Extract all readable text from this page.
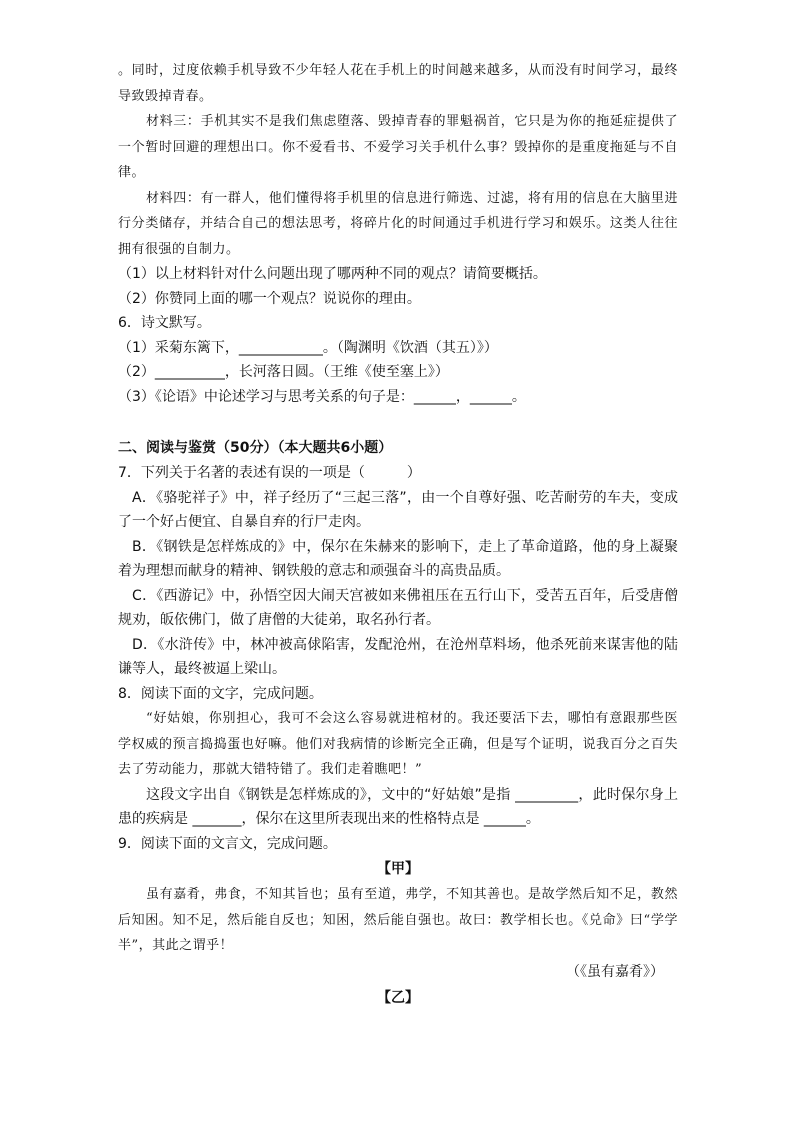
。同时，过度依赖手机导致不少年轻人花在手机上的时间越来越多，从而没有时间学习，最终导致毁掉青春。

材料三：手机其实不是我们焦虑堕落、毁掉青春的罪魁祸首，它只是为你的拖延症提供了一个暂时回避的理想出口。你不爱看书、不爱学习关手机什么事？毁掉你的是重度拖延与不自律。

材料四：有一群人，他们懂得将手机里的信息进行筛选、过滤，将有用的信息在大脑里进行分类储存，并结合自己的想法思考，将碎片化的时间通过手机进行学习和娱乐。这类人往往拥有很强的自制力。

（1）以上材料针对什么问题出现了哪两种不同的观点？请简要概括。

（2）你赞同上面的哪一个观点？说说你的理由。

6．诗文默写。

（1）采菊东篱下，____________。（陶渊明《饮酒（其五）》）

（2）__________，长河落日圆。（王维《使至塞上》）

（3）《论语》中论述学习与思考关系的句子是：______，______。

二、阅读与鉴赏（50分）（本大题共6小题）

7．下列关于名著的表述有误的一项是（　　　）

A．《骆驼祥子》中，祥子经历了“三起三落”，由一个自尊好强、吃苦耐劳的车夫，变成了一个好占便宜、自暴自弃的行尸走肉。

B．《钢铁是怎样炼成的》中，保尔在朱赫来的影响下，走上了革命道路，他的身上凝聚着为理想而献身的精神、钢铁般的意志和顽强奋斗的高贵品质。

C．《西游记》中，孙悟空因大闹天宫被如来佛祖压在五行山下，受苦五百年，后受唐僧规劝，皈依佛门，做了唐僧的大徒弟，取名孙行者。

D．《水浒传》中，林冲被高俅陷害，发配沧州，在沧州草料场，他杀死前来谋害他的陆谦等人，最终被逼上梁山。

8．阅读下面的文字，完成问题。

“好姑娘，你别担心，我可不会这么容易就进棺材的。我还要活下去，哪怕有意跟那些医学权威的预言捣捣蛋也好嘛。他们对我病情的诊断完全正确，但是写个证明，说我百分之百失去了劳动能力，那就大错特错了。我们走着瞧吧！”

这段文字出自《钢铁是怎样炼成的》，文中的“好姑娘”是指 _________，此时保尔身上患的疾病是 _______，保尔在这里所表现出来的性格特点是 ______。

9．阅读下面的文言文，完成问题。

【甲】

虽有嘉肴，弗食，不知其旨也；虽有至道，弗学，不知其善也。是故学然后知不足，教然后知困。知不足，然后能自反也；知困，然后能自强也。故曰：教学相长也。《兑命》曰“学学半”，其此之谓乎！

（《虽有嘉肴》）

【乙】
